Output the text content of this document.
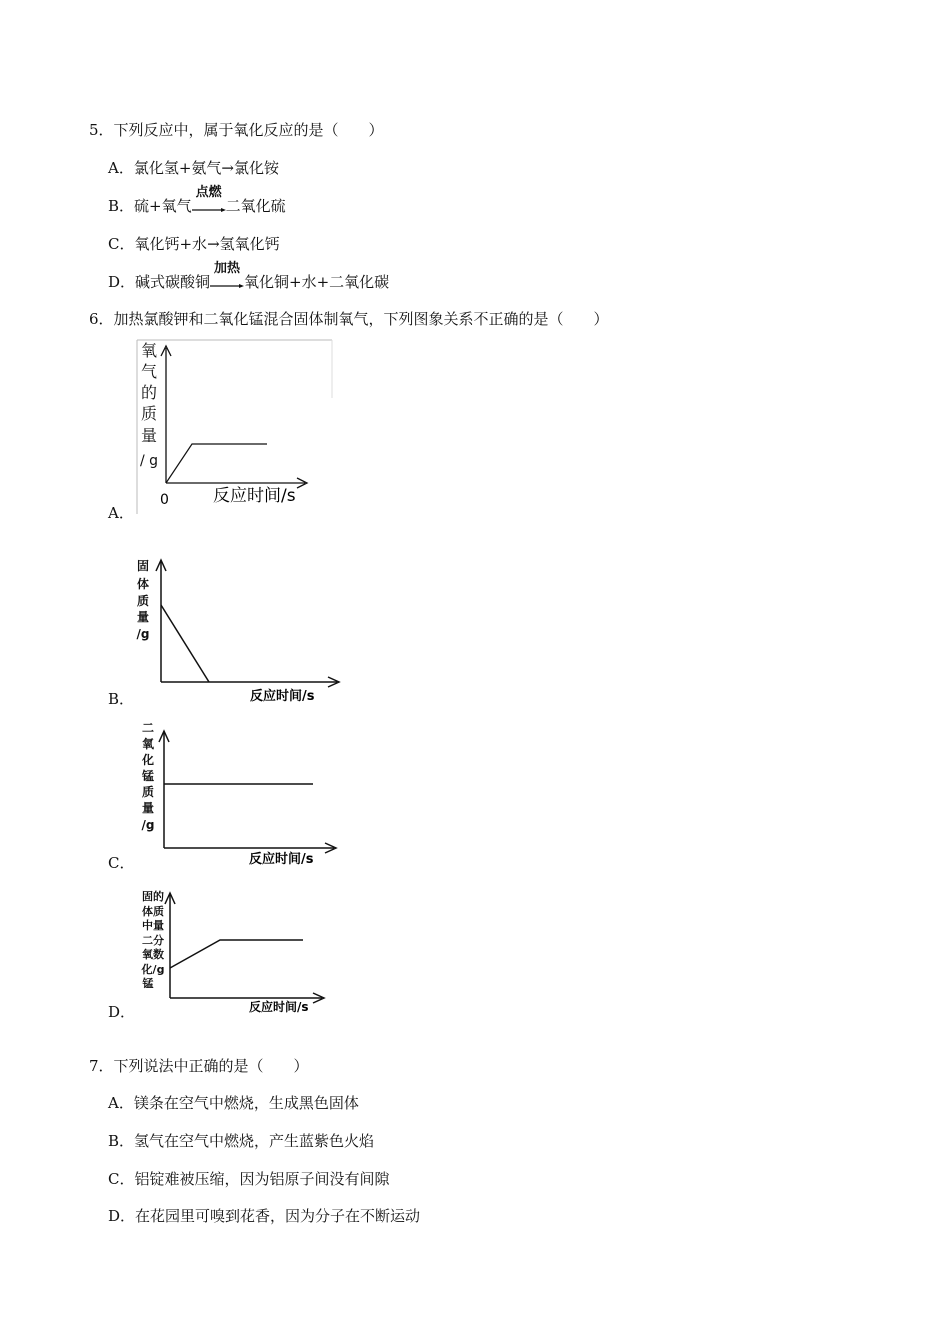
5．下列反应中，属于氧化反应的是（　　）
A．氯化氢+氨气→氯化铵
B．硫+氧气
点燃
二氧化硫
C．氧化钙+水→氢氧化钙
D．碱式碳酸铜
加热
氧化铜+水+二氧化碳
6．加热氯酸钾和二氧化锰混合固体制氧气，下列图象关系不正确的是（　　）
A．
氧
气
的
质
量
/ g
0	反应时间/s
B．
固
体
质
量
/g
反应时间/s
C．
二
氧
化
锰
质
量
/g
反应时间/s
D．
固的
体质
中量
二分
氧数
化/g
锰
反应时间/s
7．下列说法中正确的是（　　）
A．镁条在空气中燃烧，生成黑色固体
B．氢气在空气中燃烧，产生蓝紫色火焰
C．铝锭难被压缩，因为铝原子间没有间隙
D．在花园里可嗅到花香，因为分子在不断运动
